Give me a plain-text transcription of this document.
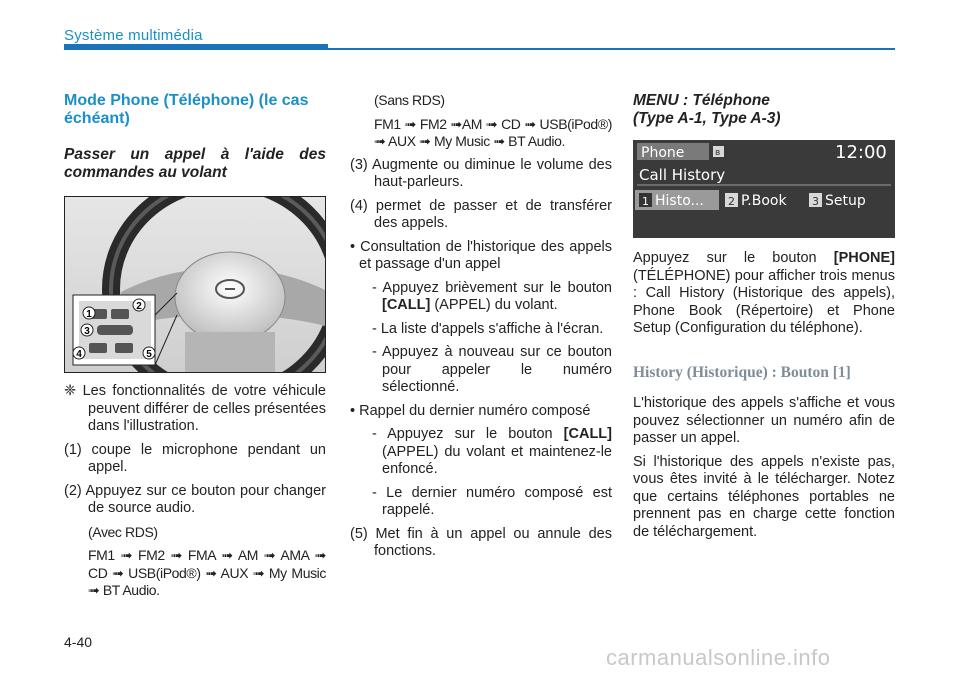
Système multimédia
Mode Phone (Téléphone) (le cas échéant)
Passer un appel à l'aide des commandes au volant
1
2
3
4	5

❈ Les fonctionnalités de votre véhicule peuvent différer de celles présentées dans l'illustration.

(1) coupe le microphone pendant un appel.

(2) Appuyez sur ce bouton pour changer de source audio.

(Avec RDS)

FM1 ➟ FM2 ➟ FMA ➟ AM ➟ AMA ➟ CD ➟ USB(iPod®) ➟ AUX ➟ My Music ➟ BT Audio.

(Sans RDS)

FM1 ➟ FM2 ➟AM ➟ CD ➟ USB(iPod®) ➟ AUX ➟ My Music ➟ BT Audio.

(3) Augmente ou diminue le volume des haut-parleurs.

(4) permet de passer et de transférer des appels.

• Consultation de l'historique des appels et passage d'un appel

- Appuyez brièvement sur le bouton [CALL] (APPEL) du volant.

- La liste d'appels s'affiche à l'écran.

- Appuyez à nouveau sur ce bouton pour appeler le numéro sélectionné.

• Rappel du dernier numéro composé

- Appuyez sur le bouton [CALL] (APPEL) du volant et maintenez-le enfoncé.

- Le dernier numéro composé est rappelé.

(5) Met fin à un appel ou annule des fonctions.

MENU : Téléphone
(Type A-1, Type A-3)
Phone	ʙ	12:00
Call History
1 Histo... 2 P.Book 3 Setup

Appuyez sur le bouton [PHONE] (TÉLÉPHONE) pour afficher trois menus : Call History (Historique des appels), Phone Book (Répertoire) et Phone Setup (Configuration du téléphone).

History (Historique) : Bouton [1]

L'historique des appels s'affiche et vous pouvez sélectionner un numéro afin de passer un appel.

Si l'historique des appels n'existe pas, vous êtes invité à le télécharger. Notez que certains téléphones portables ne prennent pas en charge cette fonction de téléchargement.

4-40
carmanualsonline.info
